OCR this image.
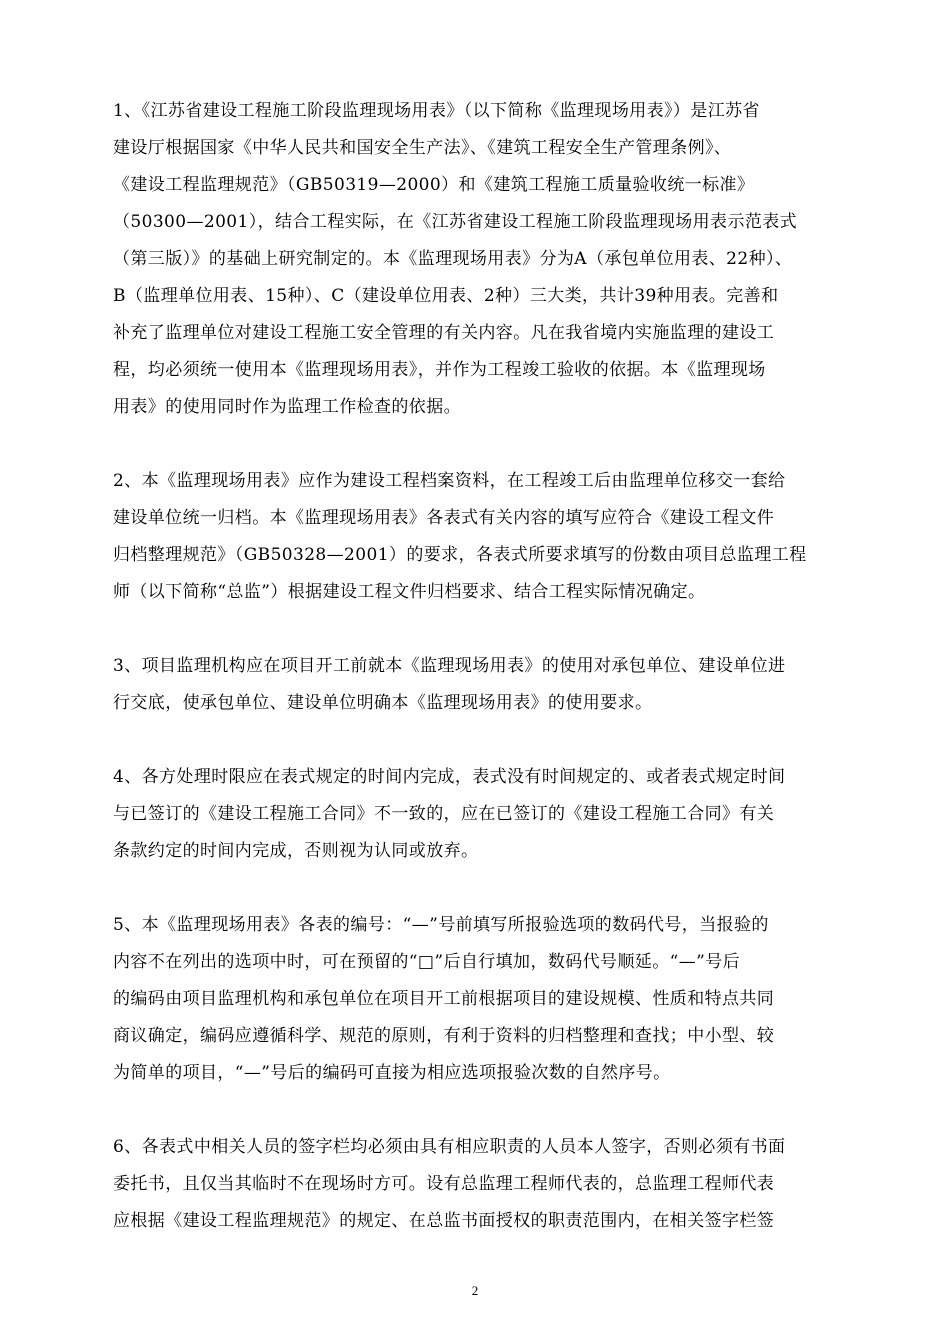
1、《江苏省建设工程施工阶段监理现场用表》（以下简称《监理现场用表》）是江苏省
建设厅根据国家《中华人民共和国安全生产法》、《建筑工程安全生产管理条例》、
《建设工程监理规范》（GB50319—2000）和《建筑工程施工质量验收统一标准》
（50300—2001），结合工程实际，在《江苏省建设工程施工阶段监理现场用表示范表式
（第三版）》的基础上研究制定的。本《监理现场用表》分为A（承包单位用表、22种）、
B（监理单位用表、15种）、C（建设单位用表、2种）三大类，共计39种用表。完善和
补充了监理单位对建设工程施工安全管理的有关内容。凡在我省境内实施监理的建设工
程，均必须统一使用本《监理现场用表》，并作为工程竣工验收的依据。本《监理现场
用表》的使用同时作为监理工作检查的依据。
2、本《监理现场用表》应作为建设工程档案资料，在工程竣工后由监理单位移交一套给
建设单位统一归档。本《监理现场用表》各表式有关内容的填写应符合《建设工程文件
归档整理规范》（GB50328—2001）的要求，各表式所要求填写的份数由项目总监理工程
师（以下简称“总监”）根据建设工程文件归档要求、结合工程实际情况确定。
3、项目监理机构应在项目开工前就本《监理现场用表》的使用对承包单位、建设单位进
行交底，使承包单位、建设单位明确本《监理现场用表》的使用要求。
4、各方处理时限应在表式规定的时间内完成，表式没有时间规定的、或者表式规定时间
与已签订的《建设工程施工合同》不一致的，应在已签订的《建设工程施工合同》有关
条款约定的时间内完成，否则视为认同或放弃。
5、本《监理现场用表》各表的编号：“—”号前填写所报验选项的数码代号，当报验的
内容不在列出的选项中时，可在预留的“□”后自行填加，数码代号顺延。“—”号后
的编码由项目监理机构和承包单位在项目开工前根据项目的建设规模、性质和特点共同
商议确定，编码应遵循科学、规范的原则，有利于资料的归档整理和查找；中小型、较
为简单的项目，“—”号后的编码可直接为相应选项报验次数的自然序号。
6、各表式中相关人员的签字栏均必须由具有相应职责的人员本人签字，否则必须有书面
委托书，且仅当其临时不在现场时方可。设有总监理工程师代表的，总监理工程师代表
应根据《建设工程监理规范》的规定、在总监书面授权的职责范围内，在相关签字栏签
2
